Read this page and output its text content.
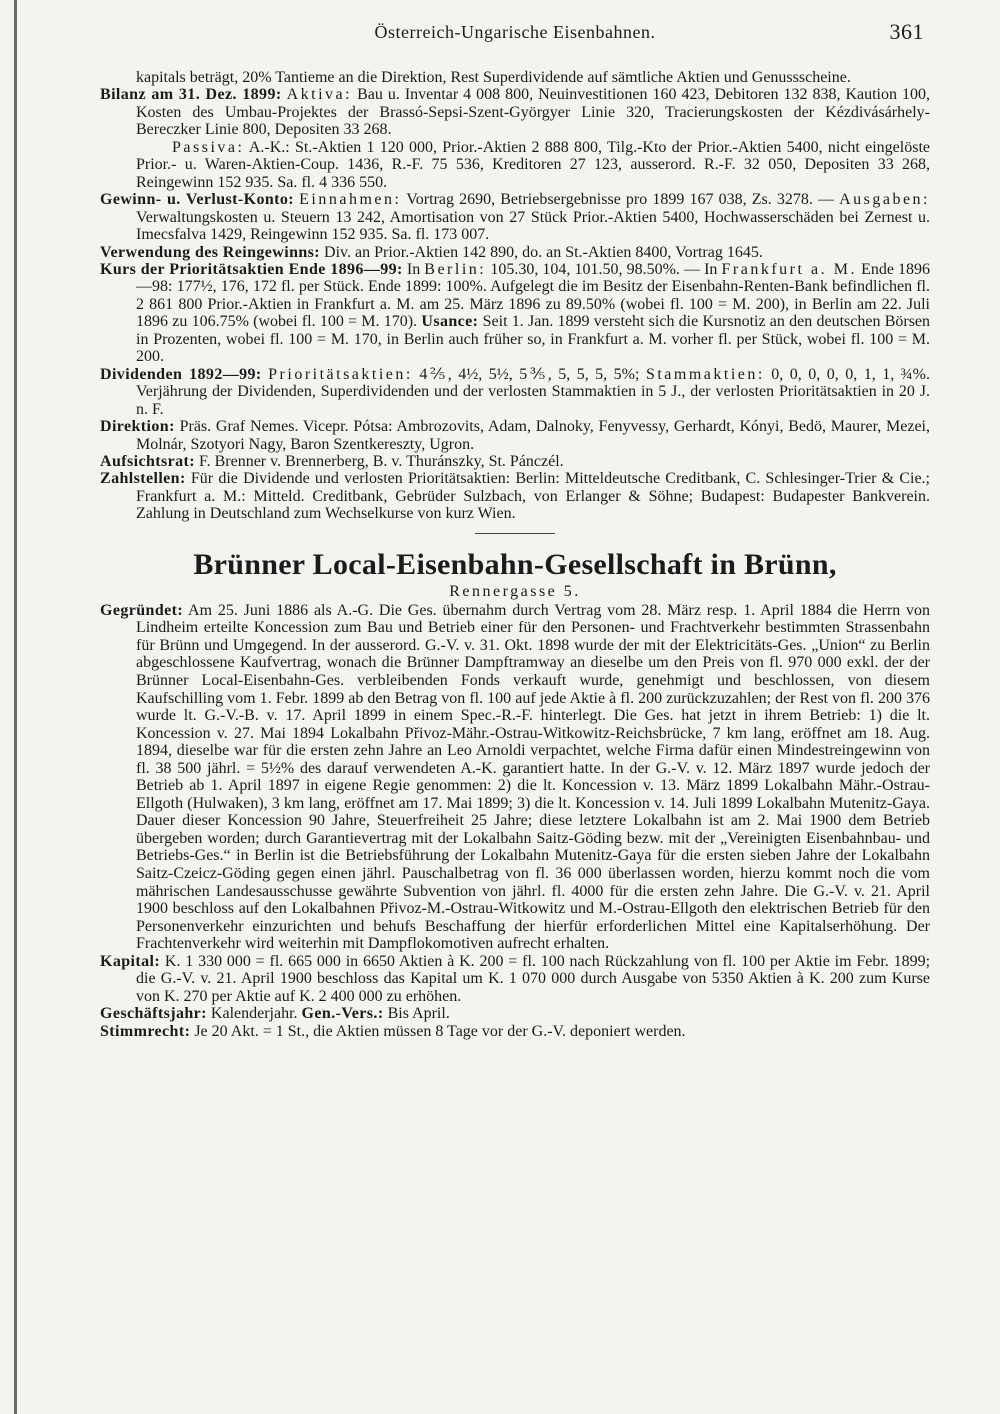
Österreich-Ungarische Eisenbahnen.	361

kapitals beträgt, 20% Tantieme an die Direktion, Rest Superdividende auf sämtliche Aktien und Genussscheine.

Bilanz am 31. Dez. 1899: Aktiva: Bau u. Inventar 4 008 800, Neuinvestitionen 160 423, Debitoren 132 838, Kaution 100, Kosten des Umbau-Projektes der Brassó-Sepsi-Szent-Györgyer Linie 320, Tracierungskosten der Kézdivásárhely-Bereczker Linie 800, Depositen 33 268.

Passiva: A.-K.: St.-Aktien 1 120 000, Prior.-Aktien 2 888 800, Tilg.-Kto der Prior.-Aktien 5400, nicht eingelöste Prior.- u. Waren-Aktien-Coup. 1436, R.-F. 75 536, Kreditoren 27 123, ausserord. R.-F. 32 050, Depositen 33 268, Reingewinn 152 935. Sa. fl. 4 336 550.

Gewinn- u. Verlust-Konto: Einnahmen: Vortrag 2690, Betriebsergebnisse pro 1899 167 038, Zs. 3278. — Ausgaben: Verwaltungskosten u. Steuern 13 242, Amortisation von 27 Stück Prior.-Aktien 5400, Hochwasserschäden bei Zernest u. Imecsfalva 1429, Reingewinn 152 935. Sa. fl. 173 007.

Verwendung des Reingewinns: Div. an Prior.-Aktien 142 890, do. an St.-Aktien 8400, Vortrag 1645.

Kurs der Prioritätsaktien Ende 1896—99: In Berlin: 105.30, 104, 101.50, 98.50%. — In Frankfurt a. M. Ende 1896—98: 177½, 176, 172 fl. per Stück. Ende 1899: 100%. Aufgelegt die im Besitz der Eisenbahn-Renten-Bank befindlichen fl. 2 861 800 Prior.-Aktien in Frankfurt a. M. am 25. März 1896 zu 89.50% (wobei fl. 100 = M. 200), in Berlin am 22. Juli 1896 zu 106.75% (wobei fl. 100 = M. 170). Usance: Seit 1. Jan. 1899 versteht sich die Kursnotiz an den deutschen Börsen in Prozenten, wobei fl. 100 = M. 170, in Berlin auch früher so, in Frankfurt a. M. vorher fl. per Stück, wobei fl. 100 = M. 200.

Dividenden 1892—99: Prioritätsaktien: 4⅖, 4½, 5½, 5⅗, 5, 5, 5, 5%; Stammaktien: 0, 0, 0, 0, 0, 1, 1, ¾%. Verjährung der Dividenden, Superdividenden und der verlosten Stammaktien in 5 J., der verlosten Prioritätsaktien in 20 J. n. F.

Direktion: Präs. Graf Nemes. Vicepr. Pótsa: Ambrozovits, Adam, Dalnoky, Fenyvessy, Gerhardt, Kónyi, Bedö, Maurer, Mezei, Molnár, Szotyori Nagy, Baron Szentkereszty, Ugron.

Aufsichtsrat: F. Brenner v. Brennerberg, B. v. Thuránszky, St. Pánczél.

Zahlstellen: Für die Dividende und verlosten Prioritätsaktien: Berlin: Mitteldeutsche Creditbank, C. Schlesinger-Trier & Cie.; Frankfurt a. M.: Mitteld. Creditbank, Gebrüder Sulzbach, von Erlanger & Söhne; Budapest: Budapester Bankverein. Zahlung in Deutschland zum Wechselkurse von kurz Wien.

Brünner Local-Eisenbahn-Gesellschaft in Brünn,
Rennergasse 5.

Gegründet: Am 25. Juni 1886 als A.-G. Die Ges. übernahm durch Vertrag vom 28. März resp. 1. April 1884 die Herrn von Lindheim erteilte Koncession zum Bau und Betrieb einer für den Personen- und Frachtverkehr bestimmten Strassenbahn für Brünn und Umgegend. In der ausserord. G.-V. v. 31. Okt. 1898 wurde der mit der Elektricitäts-Ges. „Union“ zu Berlin abgeschlossene Kaufvertrag, wonach die Brünner Dampftramway an dieselbe um den Preis von fl. 970 000 exkl. der der Brünner Local-Eisenbahn-Ges. verbleibenden Fonds verkauft wurde, genehmigt und beschlossen, von diesem Kaufschilling vom 1. Febr. 1899 ab den Betrag von fl. 100 auf jede Aktie à fl. 200 zurückzuzahlen; der Rest von fl. 200 376 wurde lt. G.-V.-B. v. 17. April 1899 in einem Spec.-R.-F. hinterlegt. Die Ges. hat jetzt in ihrem Betrieb: 1) die lt. Koncession v. 27. Mai 1894 Lokalbahn Přivoz-Mähr.-Ostrau-Witkowitz-Reichsbrücke, 7 km lang, eröffnet am 18. Aug. 1894, dieselbe war für die ersten zehn Jahre an Leo Arnoldi verpachtet, welche Firma dafür einen Mindestreingewinn von fl. 38 500 jährl. = 5½% des darauf verwendeten A.-K. garantiert hatte. In der G.-V. v. 12. März 1897 wurde jedoch der Betrieb ab 1. April 1897 in eigene Regie genommen: 2) die lt. Koncession v. 13. März 1899 Lokalbahn Mähr.-Ostrau-Ellgoth (Hulwaken), 3 km lang, eröffnet am 17. Mai 1899; 3) die lt. Koncession v. 14. Juli 1899 Lokalbahn Mutenitz-Gaya. Dauer dieser Koncession 90 Jahre, Steuerfreiheit 25 Jahre; diese letztere Lokalbahn ist am 2. Mai 1900 dem Betrieb übergeben worden; durch Garantievertrag mit der Lokalbahn Saitz-Göding bezw. mit der „Vereinigten Eisenbahnbau- und Betriebs-Ges.“ in Berlin ist die Betriebsführung der Lokalbahn Mutenitz-Gaya für die ersten sieben Jahre der Lokalbahn Saitz-Czeicz-Göding gegen einen jährl. Pauschalbetrag von fl. 36 000 überlassen worden, hierzu kommt noch die vom mährischen Landesausschusse gewährte Subvention von jährl. fl. 4000 für die ersten zehn Jahre. Die G.-V. v. 21. April 1900 beschloss auf den Lokalbahnen Přivoz-M.-Ostrau-Witkowitz und M.-Ostrau-Ellgoth den elektrischen Betrieb für den Personenverkehr einzurichten und behufs Beschaffung der hierfür erforderlichen Mittel eine Kapitalserhöhung. Der Frachtenverkehr wird weiterhin mit Dampflokomotiven aufrecht erhalten.

Kapital: K. 1 330 000 = fl. 665 000 in 6650 Aktien à K. 200 = fl. 100 nach Rückzahlung von fl. 100 per Aktie im Febr. 1899; die G.-V. v. 21. April 1900 beschloss das Kapital um K. 1 070 000 durch Ausgabe von 5350 Aktien à K. 200 zum Kurse von K. 270 per Aktie auf K. 2 400 000 zu erhöhen.

Geschäftsjahr: Kalenderjahr. Gen.-Vers.: Bis April.

Stimmrecht: Je 20 Akt. = 1 St., die Aktien müssen 8 Tage vor der G.-V. deponiert werden.
